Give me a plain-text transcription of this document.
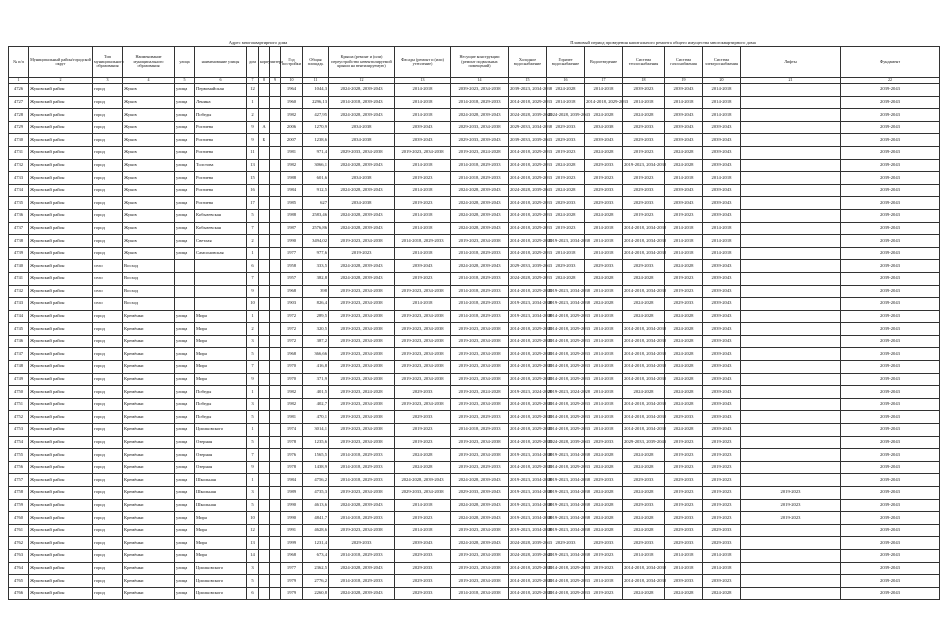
Адрес многоквартирного дома	Плановый период проведения капитального ремонта общего имущества многоквартирного дома
№ п/п	Муниципальный район/городской округ	Тип муниципального образования	Наименование муниципального образования	улица	наименование улицы	дом	корпус	литера	Год постройки	Общая площадь	Крыша (ремонт и (или) переустройство невентилируемой крыши на вентилируемую)	Фасады (ремонт и (или) утепление)	Несущие конструкции (ремонт подвальных помещений)	Холодное водоснабжение	Горячее водоснабжение	Водоотведение	Система теплоснабжения	Система газоснабжения	Система электроснабжения	Лифты	Фундамент
1	2	3	4	5	6	7	8	9	10	11	12	13	14	15	16	17	18	19	20	21	22
4726	Жуковский район	город	Жуков	улица	Первомайская	12			1964	1044,3	2024-2028, 2039-2043	2014-2018	2039-2023, 2034-2038	2039-2023, 2034-2038	2024-2028	2014-2018	2039-2023	2039-2043	2014-2018		2039-2043
4727	Жуковский район	город	Жуков	улица	Ленина	1			1960	2296,13	2014-2018, 2039-2043	2014-2018	2014-2018, 2029-2033	2014-2018, 2029-2033	2014-2018	2014-2018, 2029-2033	2014-2018	2014-2018	2014-2018		2039-2043
4728	Жуковский район	город	Жуков	улица	Победы	2			1982	427,95	2024-2028, 2039-2043	2014-2018	2024-2028, 2039-2043	2024-2028, 2039-2043	2024-2028, 2039-2043	2024-2028	2024-2028	2039-2043	2014-2018		2039-2043
4729	Жуковский район	город	Жуков	улица	Рогачева	9	А		2006	1270,9	2034-2038	2039-2043	2029-2033, 2034-2038	2029-2033, 2034-2038	2029-2033	2034-2038	2029-2033	2039-2043	2039-2043		2039-2043
4730	Жуковский район	город	Жуков	улица	Рогачева	9	Б		2007	1238,6	2034-2038	2039-2043	2029-2033, 2039-2043	2039-2033, 2039-2043	2029-2033	2039-2043	2029-2033	2039-2043	2039-2043		2039-2043
4731	Жуковский район	город	Жуков	улица	Рогачева	11			1981	971,4	2029-2033, 2034-2038	2019-2023, 2034-2038	2019-2023, 2024-2028	2014-2018, 2029-2033	2019-2023	2024-2028	2019-2023	2024-2028	2039-2043		2039-2043
4732	Жуковский район	город	Жуков	улица	Толстова	13			1982	3066,1	2024-2028, 2039-2043	2014-2018	2014-2018, 2029-2033	2014-2018, 2029-2033	2024-2028	2029-2033	2019-2023, 2034-2038	2024-2028	2039-2043		2039-2043
4733	Жуковский район	город	Жуков	улица	Рогачева	15			1988	601,6	2034-2038	2019-2023	2014-2018, 2029-2033	2014-2018, 2029-2033	2019-2023	2019-2023	2019-2023	2014-2018	2014-2018		2039-2043
4734	Жуковский район	город	Жуков	улица	Рогачева	16			1984	912,5	2024-2028, 2039-2043	2014-2018	2024-2028, 2039-2043	2024-2028, 2039-2043	2024-2028	2029-2033	2029-2033	2039-2043	2039-2043		2039-2043
4735	Жуковский район	город	Жуков	улица	Рогачева	17			1985	627	2034-2038	2019-2023	2024-2028, 2039-2043	2014-2018, 2029-2033	2029-2033	2029-2033	2029-2033	2039-2043	2039-2043		2039-2043
4736	Жуковский район	город	Жуков	улица	Кобызевская	5			1988	2583,46	2024-2028, 2039-2043	2014-2018	2024-2028, 2039-2043	2014-2018, 2029-2033	2024-2028	2024-2028	2019-2023	2019-2023	2039-2043		2039-2043
4737	Жуковский район	город	Жуков	улица	Кобызевская	7			1987	2576,86	2024-2028, 2039-2043	2014-2018	2024-2028, 2039-2043	2014-2018, 2029-2033	2019-2023	2014-2018	2014-2018, 2034-2038	2014-2018	2014-2018		2039-2043
4738	Жуковский район	город	Жуков	улица	Светлая	2			1990	3494,02	2019-2023, 2034-2038	2014-2018, 2029-2033	2019-2023, 2034-2038	2014-2018, 2029-2033	2019-2023, 2034-2038	2014-2018	2014-2018, 2034-2038	2014-2018	2014-2018		2039-2043
4739	Жуковский район	город	Жуков	улица	Самсоновская	1			1977	977,6	2019-2023	2014-2018	2014-2018, 2029-2033	2014-2018, 2029-2033	2014-2018	2014-2018	2014-2018, 2034-2038	2014-2018	2014-2018		2039-2043
4740	Жуковский район	село	Восход			6			1958	333,5	2024-2028, 2039-2043	2039-2043	2024-2028, 2039-2043	2029-2033, 2039-2043	2029-2033	2029-2033	2029-2033	2024-2028	2039-2043		2039-2043
4741	Жуковский район	село	Восход			7			1957	382,8	2024-2028, 2039-2043	2019-2023	2014-2018, 2029-2033	2024-2028, 2029-2033	2024-2028	2024-2028	2024-2028	2019-2023	2039-2043		2039-2043
4742	Жуковский район	село	Восход			9			1968	398	2019-2023, 2034-2038	2019-2023, 2034-2038	2014-2018, 2029-2033	2014-2018, 2029-2033	2019-2023, 2034-2038	2014-2018	2014-2018, 2034-2038	2019-2023	2039-2043		2039-2043
4743	Жуковский район	село	Восход			10			1903	826,4	2019-2023, 2034-2038	2014-2018	2014-2018, 2029-2033	2019-2023, 2034-2038	2019-2023, 2034-2038	2024-2028	2024-2028	2029-2033	2039-2043		2039-2043
4744	Жуковский район	город	Кремёнки	улица	Мира	1			1972	289,5	2019-2023, 2034-2038	2019-2023, 2034-2038	2014-2018, 2029-2033	2019-2023, 2034-2038	2014-2018, 2029-2033	2014-2018	2024-2028	2024-2028	2039-2043		2039-2043
4745	Жуковский район	город	Кремёнки	улица	Мира	2			1972	320,5	2019-2023, 2034-2038	2019-2023, 2034-2038	2019-2023, 2034-2038	2014-2018, 2029-2033	2014-2018, 2029-2033	2014-2018	2014-2018, 2034-2038	2024-2028	2039-2043		2039-2043
4746	Жуковский район	город	Кремёнки	улица	Мира	3			1972	387,2	2019-2023, 2034-2038	2019-2023, 2034-2038	2019-2023, 2034-2038	2014-2018, 2029-2033	2014-2018, 2029-2033	2014-2018	2014-2018, 2034-2038	2024-2028	2039-2043		2039-2043
4747	Жуковский район	город	Кремёнки	улица	Мира	5			1968	366,66	2019-2023, 2034-2038	2019-2023, 2034-2038	2019-2023, 2034-2038	2014-2018, 2029-2033	2014-2018, 2029-2033	2014-2018	2014-2018, 2034-2038	2024-2028	2039-2043		2039-2043
4748	Жуковский район	город	Кремёнки	улица	Мира	7			1970	416,8	2019-2023, 2034-2038	2019-2023, 2034-2038	2019-2023, 2034-2038	2014-2018, 2029-2033	2014-2018, 2029-2033	2014-2018	2014-2018, 2034-2038	2024-2028	2039-2043		2039-2043
4749	Жуковский район	город	Кремёнки	улица	Мира	9			1970	371,9	2019-2023, 2034-2038	2019-2023, 2034-2038	2019-2023, 2034-2038	2014-2018, 2029-2033	2014-2018, 2029-2033	2014-2018	2014-2018, 2034-2038	2024-2028	2039-2043		2039-2043
4750	Жуковский район	город	Кремёнки	улица	Победы	1			1982	401,5	2019-2023, 2024-2028	2029-2033	2019-2023, 2024-2028	2019-2023, 2024-2028	2019-2023, 2024-2028	2014-2018	2024-2028	2024-2028	2039-2043		2039-2043
4751	Жуковский район	город	Кремёнки	улица	Победы	3			1982	402,7	2019-2023, 2034-2038	2019-2023, 2034-2038	2019-2023, 2034-2038	2014-2018, 2029-2033	2014-2018, 2029-2033	2014-2018	2014-2018, 2034-2038	2024-2028	2039-2043		2039-2043
4752	Жуковский район	город	Кремёнки	улица	Победы	5			1981	470,1	2019-2023, 2034-2038	2029-2033	2019-2023, 2029-2033	2014-2018, 2029-2033	2014-2018, 2029-2033	2014-2018	2014-2018, 2034-2038	2029-2033	2039-2043		2039-2043
4753	Жуковский район	город	Кремёнки	улица	Циолковского	1			1974	3014,1	2019-2023, 2034-2038	2019-2023	2014-2018, 2029-2033	2014-2018, 2029-2033	2014-2018, 2029-2033	2014-2018	2014-2018, 2034-2038	2024-2028	2039-2043		2039-2043
4754	Жуковский район	город	Кремёнки	улица	Озерная	5			1978	1235,6	2019-2023, 2034-2038	2019-2023	2019-2023, 2034-2038	2014-2018, 2029-2033	2024-2028, 2039-2043	2029-2033	2029-2033, 2039-2043	2019-2023	2019-2023		2039-2043
4755	Жуковский район	город	Кремёнки	улица	Озерная	7			1976	1565,5	2014-2018, 2029-2033	2024-2028	2019-2023, 2034-2038	2019-2023, 2034-2038	2019-2023, 2034-2038	2024-2028	2024-2028	2019-2023	2019-2023		2039-2043
4756	Жуковский район	город	Кремёнки	улица	Озерная	9			1978	1438,9	2014-2018, 2029-2033	2024-2028	2019-2023, 2029-2033	2014-2018, 2029-2033	2014-2018, 2029-2033	2024-2028	2024-2028	2019-2023	2019-2023		2039-2043
4757	Жуковский район	город	Кремёнки	улица	Школьная	1			1984	4756,2	2014-2018, 2029-2033	2024-2028, 2039-2043	2024-2028, 2039-2043	2019-2023, 2034-2038	2019-2023, 2034-2038	2029-2033	2029-2033	2029-2033	2019-2023		2039-2043
4758	Жуковский район	город	Кремёнки	улица	Школьная	3			1989	4735,3	2019-2023, 2034-2038	2029-2033, 2034-2038	2029-2033, 2039-2043	2019-2023, 2034-2038	2019-2023, 2034-2038	2024-2028	2024-2028	2019-2023	2019-2023	2019-2023	2039-2043
4759	Жуковский район	город	Кремёнки	улица	Школьная	5			1990	4613,6	2024-2028, 2039-2043	2014-2018	2024-2028, 2039-2043	2019-2023, 2034-2038	2019-2023, 2034-2038	2024-2028	2029-2033	2019-2023	2019-2023	2019-2023	2039-2043
4760	Жуковский район	город	Кремёнки	улица	Мира	10			1990	4841,7	2014-2018, 2029-2033	2019-2023	2024-2028, 2039-2043	2019-2023, 2034-2038	2019-2023, 2034-2038	2024-2028	2024-2028	2029-2033	2019-2023	2019-2023	2039-2043
4761	Жуковский район	город	Кремёнки	улица	Мира	12			1991	4628,6	2019-2023, 2034-2038	2014-2018	2019-2023, 2034-2038	2019-2023, 2034-2038	2019-2023, 2034-2038	2024-2028	2024-2028	2029-2033	2029-2033		2039-2043
4762	Жуковский район	город	Кремёнки	улица	Мира	13			1999	1231,4	2029-2033	2039-2043	2024-2028, 2039-2043	2024-2028, 2039-2043	2029-2033	2029-2033	2029-2033	2029-2033	2029-2033		2039-2043
4763	Жуковский район	город	Кремёнки	улица	Мира	14			1968	673,4	2014-2018, 2029-2033	2029-2033	2019-2023, 2034-2038	2024-2028, 2039-2043	2019-2023, 2034-2038	2019-2023	2014-2018	2014-2018	2014-2018		2039-2043
4764	Жуковский район	город	Кремёнки	улица	Циолковского	3			1977	2362,5	2024-2028, 2039-2043	2029-2033	2019-2023, 2034-2038	2014-2018, 2029-2033	2014-2018, 2029-2033	2019-2023	2014-2018, 2034-2038	2014-2018	2014-2018		2039-2043
4765	Жуковский район	город	Кремёнки	улица	Циолковского	5			1979	2776,2	2014-2018, 2029-2033	2029-2033	2019-2023, 2034-2038	2014-2018, 2029-2033	2014-2018, 2029-2033	2014-2018	2014-2018, 2034-2038	2039-2033	2039-2023		2039-2043
4766	Жуковский район	город	Кремёнки	улица	Циолковского	6			1979	2260,8	2024-2028, 2039-2043	2029-2033	2014-2018, 2034-2038	2014-2018, 2029-2033	2014-2018, 2029-2033	2019-2023	2024-2028	2024-2028	2024-2028		2039-2043
